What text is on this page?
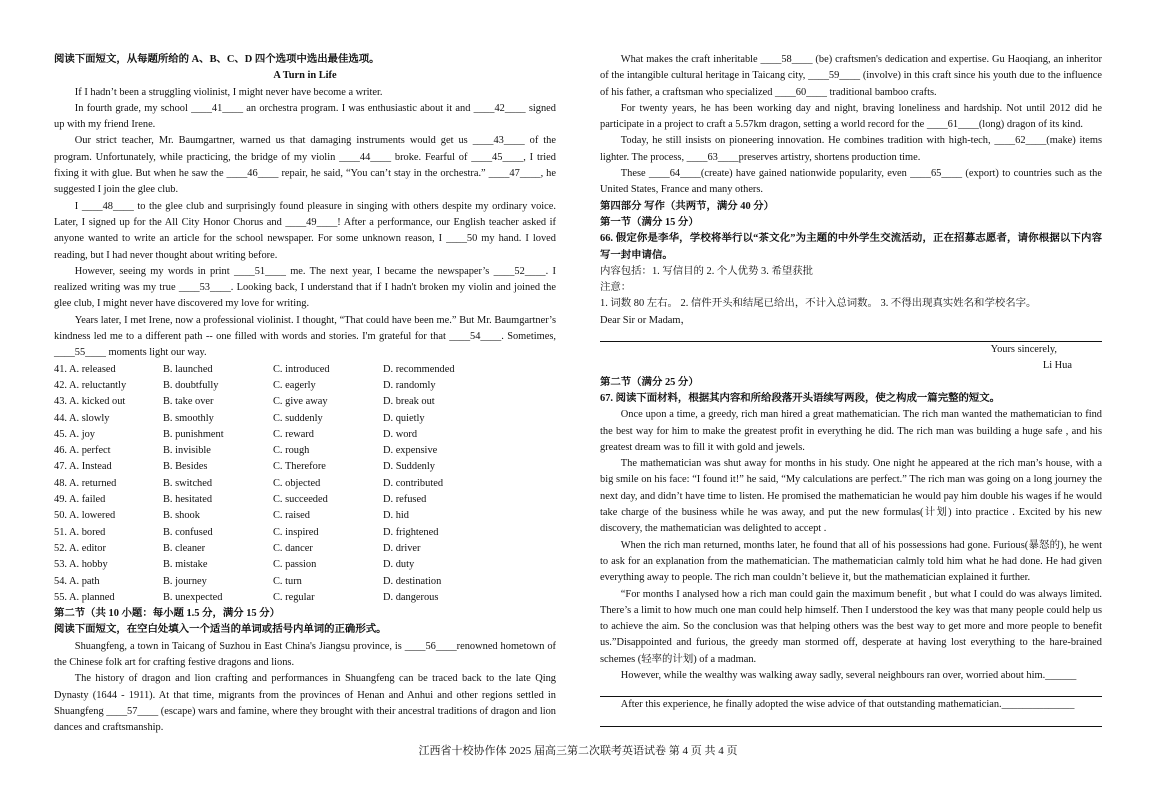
阅读下面短文，从每题所给的 A、B、C、D 四个选项中选出最佳选项。

A Turn in Life

If I hadn’t been a struggling violinist, I might never have become a writer.

In fourth grade, my school ____41____ an orchestra program. I was enthusiastic about it and ____42____ signed up with my friend Irene.

Our strict teacher, Mr. Baumgartner, warned us that damaging instruments would get us ____43____ of the program. Unfortunately, while practicing, the bridge of my violin ____44____ broke. Fearful of ____45____, I tried fixing it with glue. But when he saw the ____46____ repair, he said, “You can’t stay in the orchestra.” ____47____, he suggested I join the glee club.

I ____48____ to the glee club and surprisingly found pleasure in singing with others despite my ordinary voice. Later, I signed up for the All City Honor Chorus and ____49____! After a performance, our English teacher asked if anyone wanted to write an article for the school newspaper. For some unknown reason, I ____50 my hand. I loved reading, but I had never thought about writing before.

However, seeing my words in print ____51____ me. The next year, I became the newspaper’s ____52____. I realized writing was my true ____53____. Looking back, I understand that if I hadn't broken my violin and joined the glee club, I might never have discovered my love for writing.

Years later, I met Irene, now a professional violinist. I thought, “That could have been me.” But Mr. Baumgartner’s kindness led me to a different path -- one filled with words and stories. I'm grateful for that ____54____. Sometimes, ____55____ moments light our way.

41. A. released	B. launched	C. introduced	D. recommended
42. A. reluctantly	B. doubtfully	C. eagerly	D. randomly
43. A. kicked out	B. take over	C. give away	D. break out
44. A. slowly	B. smoothly	C. suddenly	D. quietly
45. A. joy	B. punishment	C. reward	D. word
46. A. perfect	B. invisible	C. rough	D. expensive
47. A. Instead	B. Besides	C. Therefore	D. Suddenly
48. A. returned	B. switched	C. objected	D. contributed
49. A. failed	B. hesitated	C. succeeded	D. refused
50. A. lowered	B. shook	C. raised	D. hid
51. A. bored	B. confused	C. inspired	D. frightened
52. A. editor	B. cleaner	C. dancer	D. driver
53. A. hobby	B. mistake	C. passion	D. duty
54. A. path	B. journey	C. turn	D. destination
55. A. planned	B. unexpected	C. regular	D. dangerous

第二节（共 10 小题：每小题 1.5 分，满分 15 分）

阅读下面短文，在空白处填入一个适当的单词或括号内单词的正确形式。

Shuangfeng, a town in Taicang of Suzhou in East China's Jiangsu province, is ____56____renowned hometown of the Chinese folk art for crafting festive dragons and lions.

The history of dragon and lion crafting and performances in Shuangfeng can be traced back to the late Qing Dynasty (1644 - 1911). At that time, migrants from the provinces of Henan and Anhui and other regions settled in Shuangfeng ____57____ (escape) wars and famine, where they brought with their ancestral traditions of dragon and lion dances and craftsmanship.

What makes the craft inheritable ____58____ (be) craftsmen's dedication and expertise. Gu Haoqiang, an inheritor of the intangible cultural heritage in Taicang city, ____59____ (involve) in this craft since his youth due to the influence of his father, a craftsman who specialized ____60____ traditional bamboo crafts.

For twenty years, he has been working day and night, braving loneliness and hardship. Not until 2012 did he participate in a project to craft a 5.57km dragon, setting a world record for the ____61____(long) dragon of its kind.

Today, he still insists on pioneering innovation. He combines tradition with high-tech, ____62____(make) items lighter. The process, ____63____preserves artistry, shortens production time.

These ____64____(create) have gained nationwide popularity, even ____65____ (export) to countries such as the United States, France and many others.

第四部分 写作（共两节，满分 40 分）

第一节（满分 15 分）

66. 假定你是李华，学校将举行以“茶文化”为主题的中外学生交流活动，正在招募志愿者，请你根据以下内容写一封申请信。

内容包括：1. 写信目的 2. 个人优势 3. 希望获批

注意：

1. 词数 80 左右。 2. 信件开头和结尾已给出，不计入总词数。 3. 不得出现真实姓名和学校名字。

Dear Sir or Madam，

Yours sincerely,

Li Hua

第二节（满分 25 分）

67. 阅读下面材料，根据其内容和所给段落开头语续写两段，使之构成一篇完整的短文。

Once upon a time, a greedy, rich man hired a great mathematician. The rich man wanted the mathematician to find the best way for him to make the greatest profit in everything he did. The rich man was building a huge safe , and his greatest dream was to fill it with gold and jewels.

The mathematician was shut away for months in his study. One night he appeared at the rich man’s house, with a big smile on his face: “I found it!” he said, “My calculations are perfect.” The rich man was going on a long journey the next day, and didn’t have time to listen. He promised the mathematician he would pay him double his wages if he would take charge of the business while he was away, and put the new formulas(计划) into practice . Excited by his new discovery, the mathematician was delighted to accept .

When the rich man returned, months later, he found that all of his possessions had gone. Furious(暴怒的), he went to ask for an explanation from the mathematician. The mathematician calmly told him what he had done. He had given everything away to people. The rich man couldn’t believe it, but the mathematician explained it further.

“For months I analysed how a rich man could gain the maximum benefit , but what I could do was always limited. There’s a limit to how much one man could help himself. Then I understood the key was that many people could help us to achieve the aim. So the conclusion was that helping others was the best way to get more and more people to benefit us.”Disappointed and furious, the greedy man stormed off, desperate at having lost everything to the hare-brained schemes (轻率的计划) of a madman.

However, while the wealthy was walking away sadly, several neighbours ran over, worried about him.______

After this experience, he finally adopted the wise advice of that outstanding mathematician.______________

江西省十校协作体 2025 届高三第二次联考英语试卷 第 4 页 共 4 页
